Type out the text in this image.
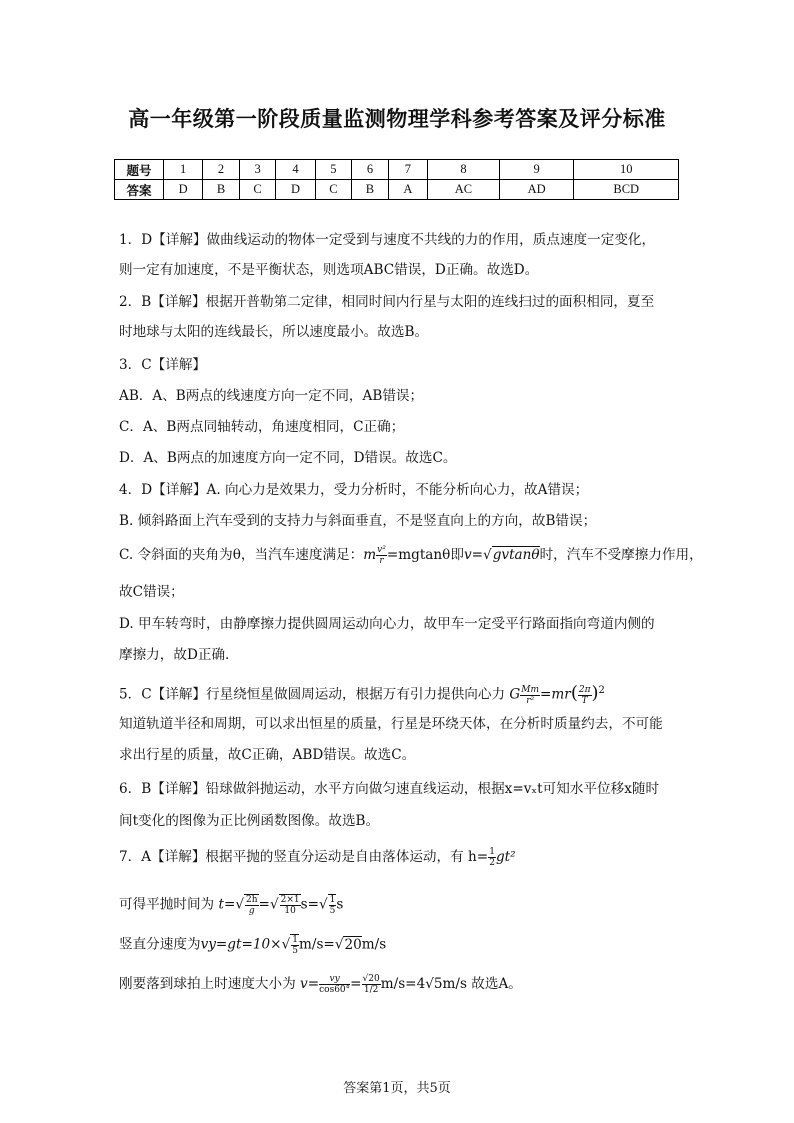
高一年级第一阶段质量监测物理学科参考答案及评分标准
题号	1	2	3	4	5	6	7	8	9	10
答案	D	B	C	D	C	B	A	AC	AD	BCD
1．D【详解】做曲线运动的物体一定受到与速度不共线的力的作用，质点速度一定变化，
则一定有加速度，不是平衡状态，则选项ABC错误，D正确。故选D。
2．B【详解】根据开普勒第二定律，相同时间内行星与太阳的连线扫过的面积相同，夏至
时地球与太阳的连线最长，所以速度最小。故选B。
3．C【详解】
AB．A、B两点的线速度方向一定不同，AB错误；
C．A、B两点同轴转动，角速度相同，C正确；
D．A、B两点的加速度方向一定不同，D错误。故选C。
4．D【详解】A. 向心力是效果力，受力分析时，不能分析向心力，故A错误；
B. 倾斜路面上汽车受到的支持力与斜面垂直，不是竖直向上的方向，故B错误；
C. 令斜面的夹角为θ，当汽车速度满足：m $\frac{\text{v²}}{r} =mgtan\theta$即v=√gvtanθ时，汽车不受摩擦力作用，
故C错误；
D. 甲车转弯时，由静摩擦力提供圆周运动向心力，故甲车一定受平行路面指向弯道内侧的
摩擦力，故D正确.
5．C【详解】行星绕恒星做圆周运动，根据万有引力提供向心力 G $\frac{Mm}{\text{r²}} =mr( \frac{2\pi}{T} )^2$
知道轨道半径和周期，可以求出恒星的质量，行星是环绕天体，在分析时质量约去，不可能
求出行星的质量，故C正确，ABD错误。故选C。
6．B【详解】铅球做斜抛运动，水平方向做匀速直线运动，根据x=vₓt可知水平位移x随时
间t变化的图像为正比例函数图像。故选B。
7．A【详解】根据平抛的竖直分运动是自由落体运动，有 $h= \frac{1}{2} gt^2$
可得平抛时间为 $t=√ \frac{2h}{g}$ =√ $\frac{2\times 1}{10} s=√ \frac{1}{5}$ s
竖直分速度为$vy=gt=10\times√ \frac{1}{5} m/s=√20m/s$
刚要落到球拍上时速度大小为 $v= \frac{vy}{\cos 60^\circ} = \frac{√20}{1/2} m/s=4√5m/s$ 故选A。
答案第1页，共5页
